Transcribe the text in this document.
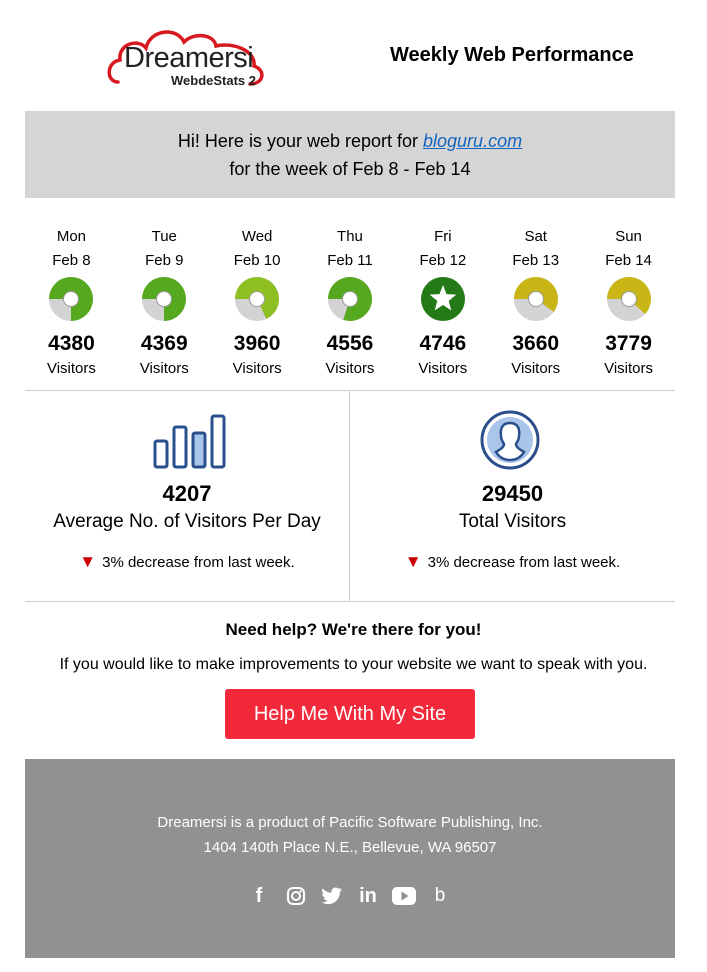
Dreamersi
WebdeStats 2
Weekly Web Performance
Hi! Here is your web report for bloguru.com
for the week of Feb 8 - Feb 14
Mon
Feb 8
4380
Visitors
Tue
Feb 9
4369
Visitors
Wed
Feb 10
3960
Visitors
Thu
Feb 11
4556
Visitors
Fri
Feb 12
4746
Visitors
Sat
Feb 13
3660
Visitors
Sun
Feb 14
3779
Visitors
4207
Average No. of Visitors Per Day
▼ 3% decrease from last week.
29450
Total Visitors
▼ 3% decrease from last week.
Need help? We're there for you!
If you would like to make improvements to your website we want to speak with you.
Help Me With My Site
Dreamersi is a product of Pacific Software Publishing, Inc.
1404 140th Place N.E., Bellevue, WA 96507
f	in	b
